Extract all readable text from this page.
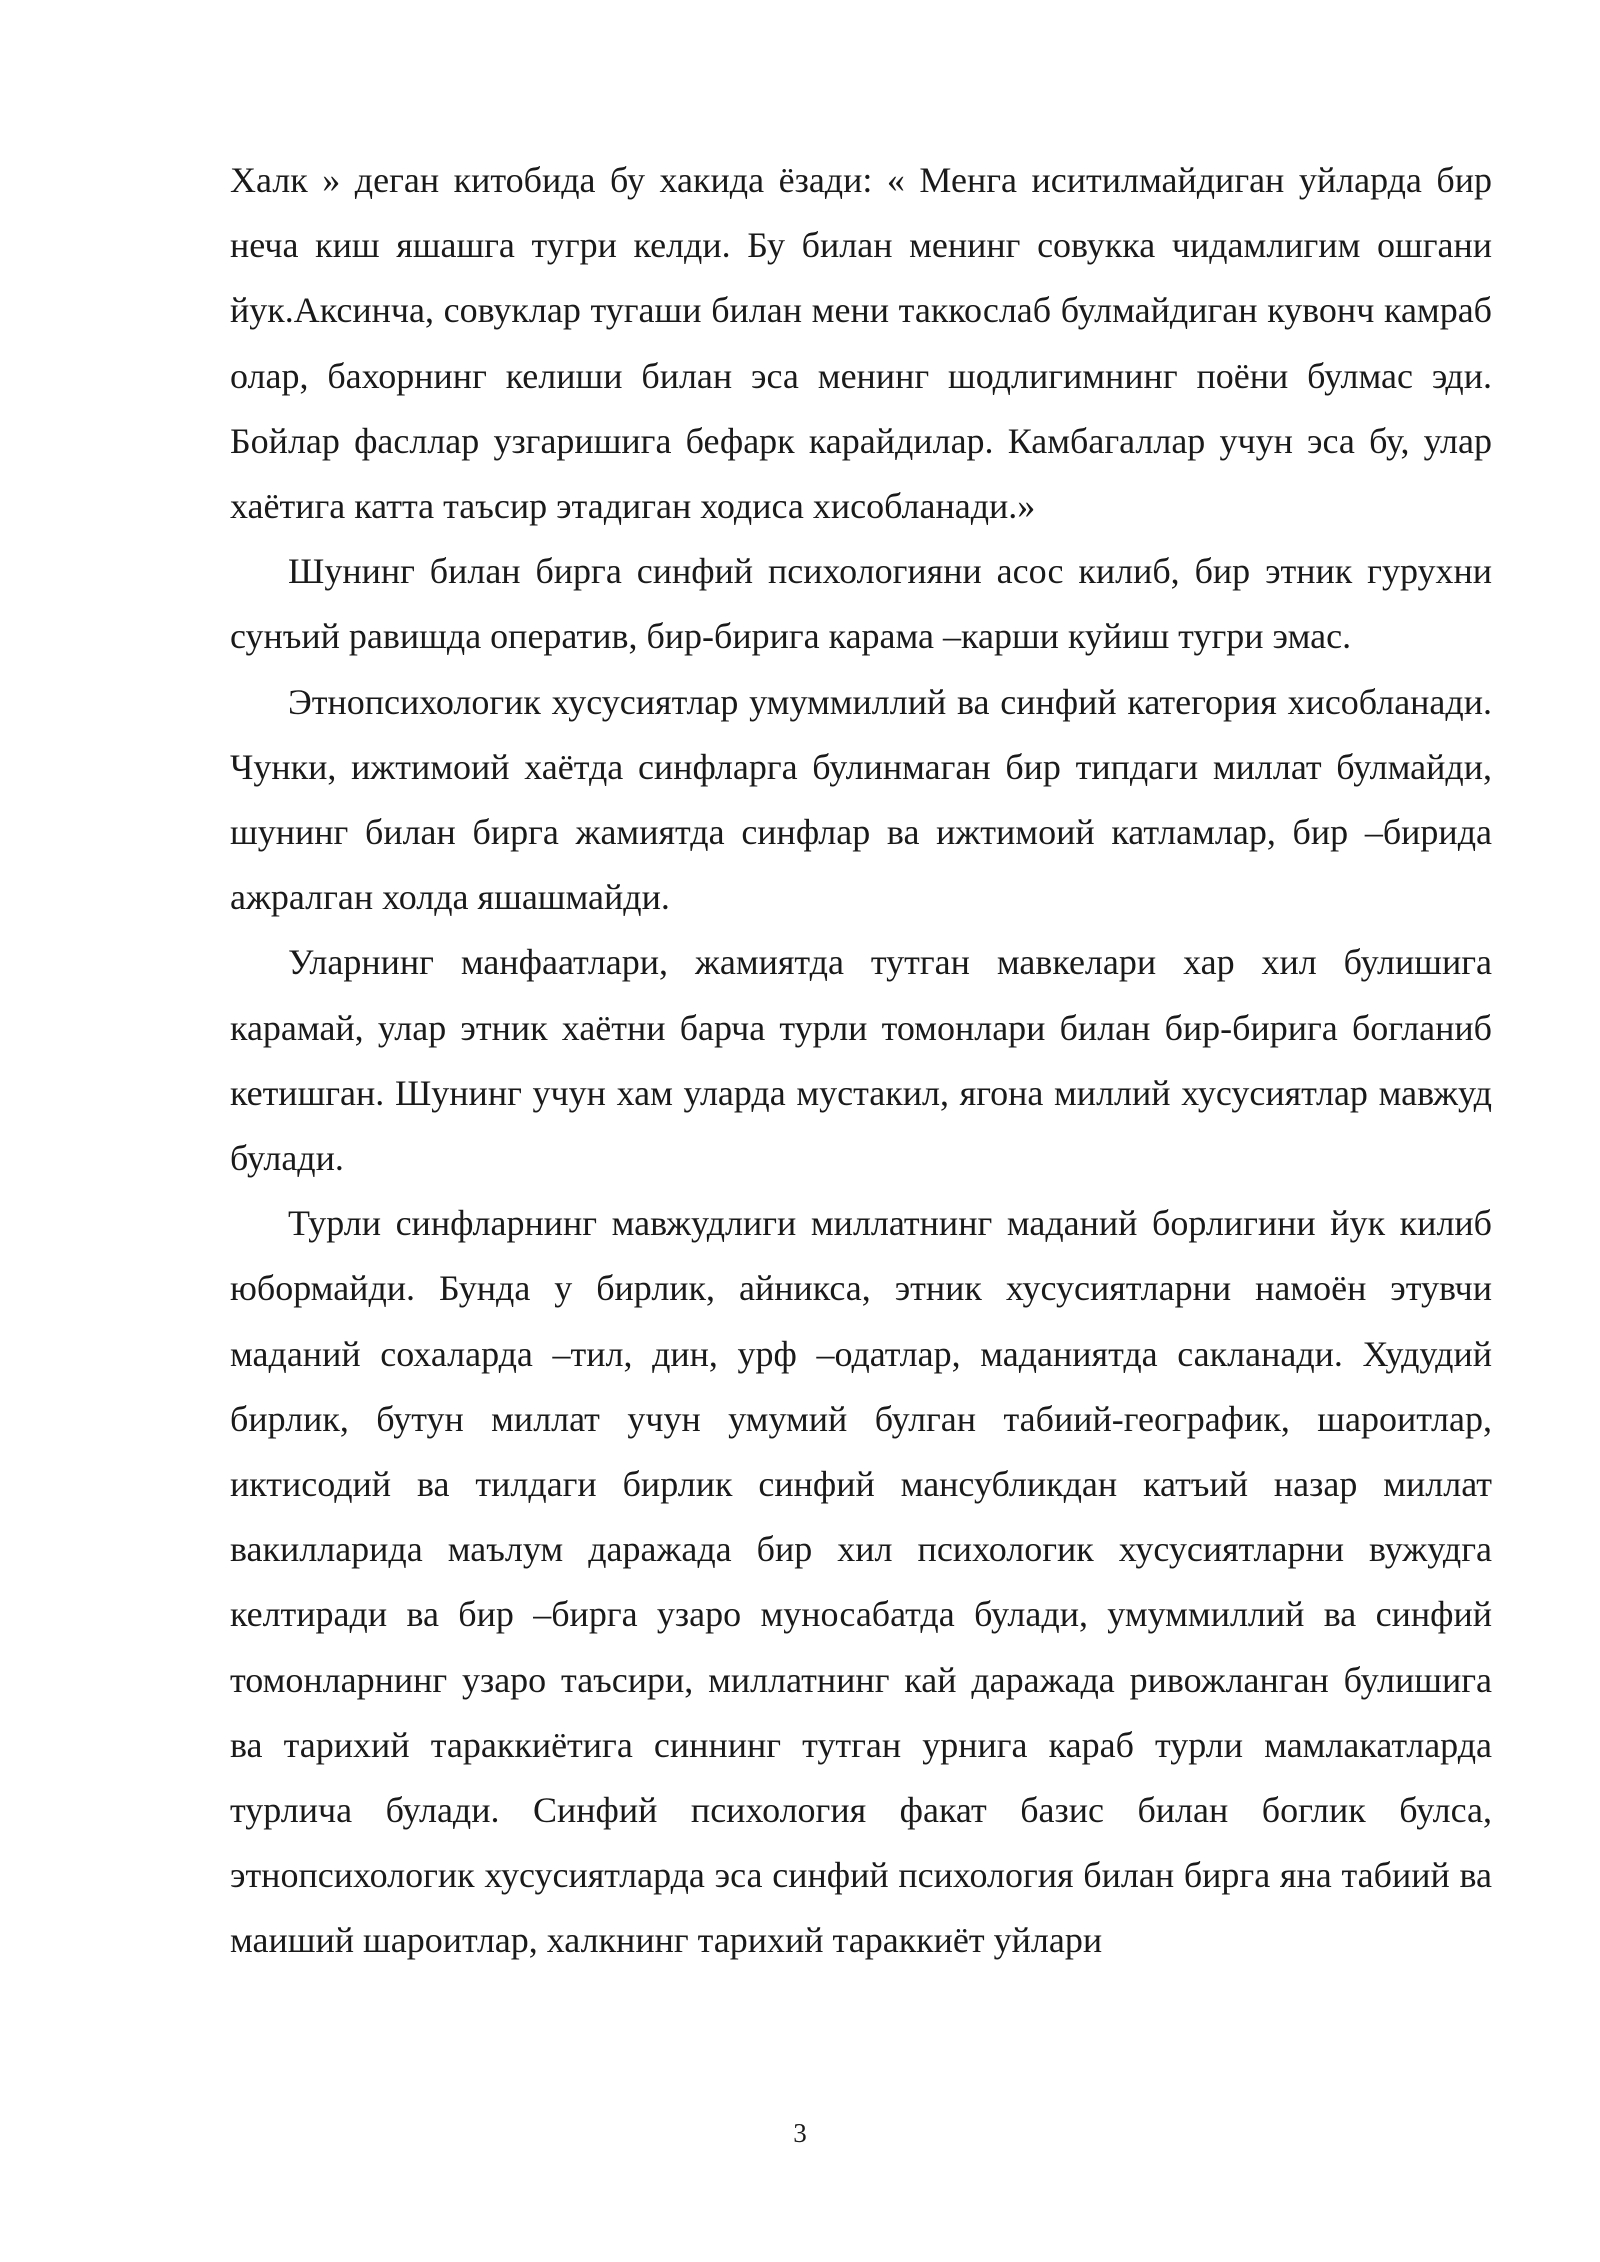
Халк » деган китобида бу хакида ёзади: « Менга иситилмайдиган уйларда бир неча киш яшашга тугри келди. Бу билан менинг совукка чидамлигим ошгани йук.Аксинча, совуклар тугаши билан мени таккослаб булмайдиган кувонч камраб олар, бахорнинг келиши билан эса менинг шодлигимнинг поёни булмас эди. Бойлар фасллар узгаришига бефарк карайдилар. Камбагаллар учун эса бу, улар хаётига катта таъсир этадиган ходиса хисобланади.»

Шунинг билан бирга синфий психологияни асос килиб, бир этник гурухни сунъий равишда оператив, бир-бирига карама –карши куйиш тугри эмас.

Этнопсихологик хусусиятлар умуммиллий ва синфий категория хисобланади. Чунки, ижтимоий хаётда синфларга булинмаган бир типдаги миллат булмайди, шунинг билан бирга жамиятда синфлар ва ижтимоий катламлар, бир –бирида ажралган холда яшашмайди.

Уларнинг манфаатлари, жамиятда тутган мавкелари хар хил булишига карамай, улар этник хаётни барча турли томонлари билан бир-бирига богланиб кетишган. Шунинг учун хам уларда мустакил, ягона миллий хусусиятлар мавжуд булади.

Турли синфларнинг мавжудлиги миллатнинг маданий борлигини йук килиб юбормайди. Бунда у бирлик, айникса, этник хусусиятларни намоён этувчи маданий сохаларда –тил, дин, урф –одатлар, маданиятда сакланади. Худудий бирлик, бутун миллат учун умумий булган табиий-географик, шароитлар, иктисодий ва тилдаги бирлик синфий мансубликдан катъий назар миллат вакилларида маълум даражада бир хил психологик хусусиятларни вужудга келтиради ва бир –бирга узаро муносабатда булади, умуммиллий ва синфий томонларнинг узаро таъсири, миллатнинг кай даражада ривожланган булишига ва тарихий тараккиётига синнинг тутган урнига караб турли мамлакатларда турлича булади. Синфий психология факат базис билан боглик булса, этнопсихологик хусусиятларда эса синфий психология билан бирга яна табиий ва маиший шароитлар, халкнинг тарихий тараккиёт уйлари

3
